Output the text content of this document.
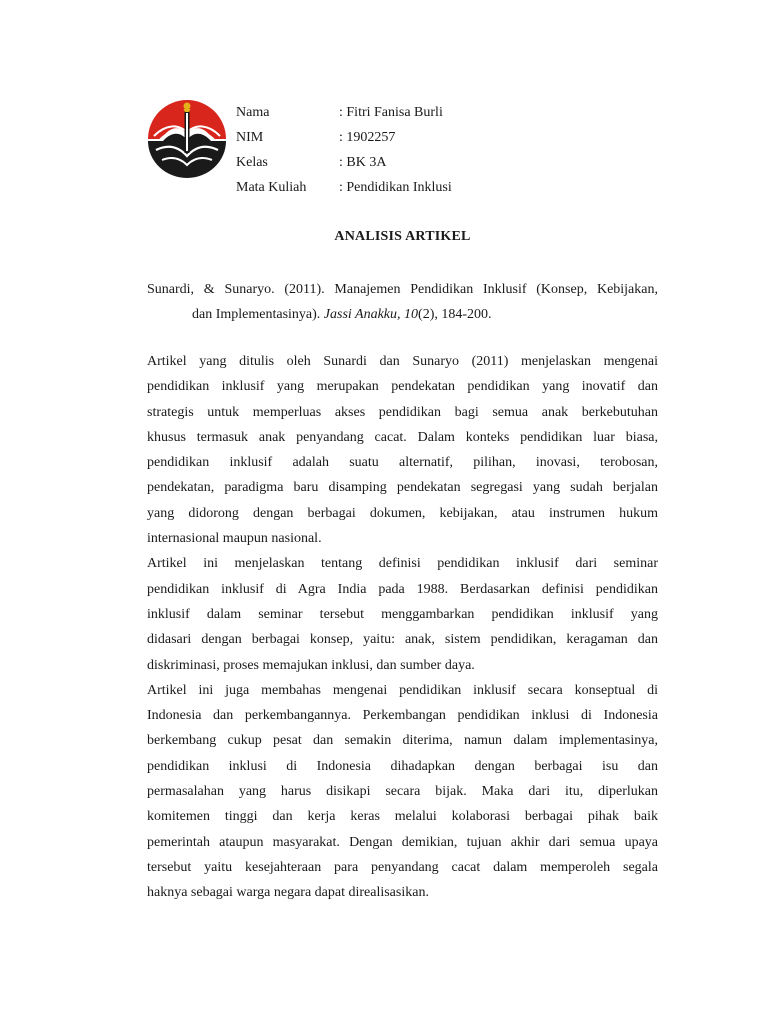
Nama	: Fitri Fanisa Burli
NIM	: 1902257
Kelas	: BK 3A
Mata Kuliah	: Pendidikan Inklusi
ANALISIS ARTIKEL
Sunardi, & Sunaryo. (2011). Manajemen Pendidikan Inklusif (Konsep, Kebijakan,
dan Implementasinya). Jassi Anakku, 10(2), 184-200.

Artikel yang ditulis oleh Sunardi dan Sunaryo (2011) menjelaskan mengenai
pendidikan inklusif yang merupakan pendekatan pendidikan yang inovatif dan
strategis untuk memperluas akses pendidikan bagi semua anak berkebutuhan
khusus termasuk anak penyandang cacat. Dalam konteks pendidikan luar biasa,
pendidikan inklusif adalah suatu alternatif, pilihan, inovasi, terobosan,
pendekatan, paradigma baru disamping pendekatan segregasi yang sudah berjalan
yang didorong dengan berbagai dokumen, kebijakan, atau instrumen hukum
internasional maupun nasional.

Artikel ini menjelaskan tentang definisi pendidikan inklusif dari seminar
pendidikan inklusif di Agra India pada 1988. Berdasarkan definisi pendidikan
inklusif dalam seminar tersebut menggambarkan pendidikan inklusif yang
didasari dengan berbagai konsep, yaitu: anak, sistem pendidikan, keragaman dan
diskriminasi, proses memajukan inklusi, dan sumber daya.

Artikel ini juga membahas mengenai pendidikan inklusif secara konseptual di
Indonesia dan perkembangannya. Perkembangan pendidikan inklusi di Indonesia
berkembang cukup pesat dan semakin diterima, namun dalam implementasinya,
pendidikan inklusi di Indonesia dihadapkan dengan berbagai isu dan
permasalahan yang harus disikapi secara bijak. Maka dari itu, diperlukan
komitemen tinggi dan kerja keras melalui kolaborasi berbagai pihak baik
pemerintah ataupun masyarakat. Dengan demikian, tujuan akhir dari semua upaya
tersebut yaitu kesejahteraan para penyandang cacat dalam memperoleh segala
haknya sebagai warga negara dapat direalisasikan.
